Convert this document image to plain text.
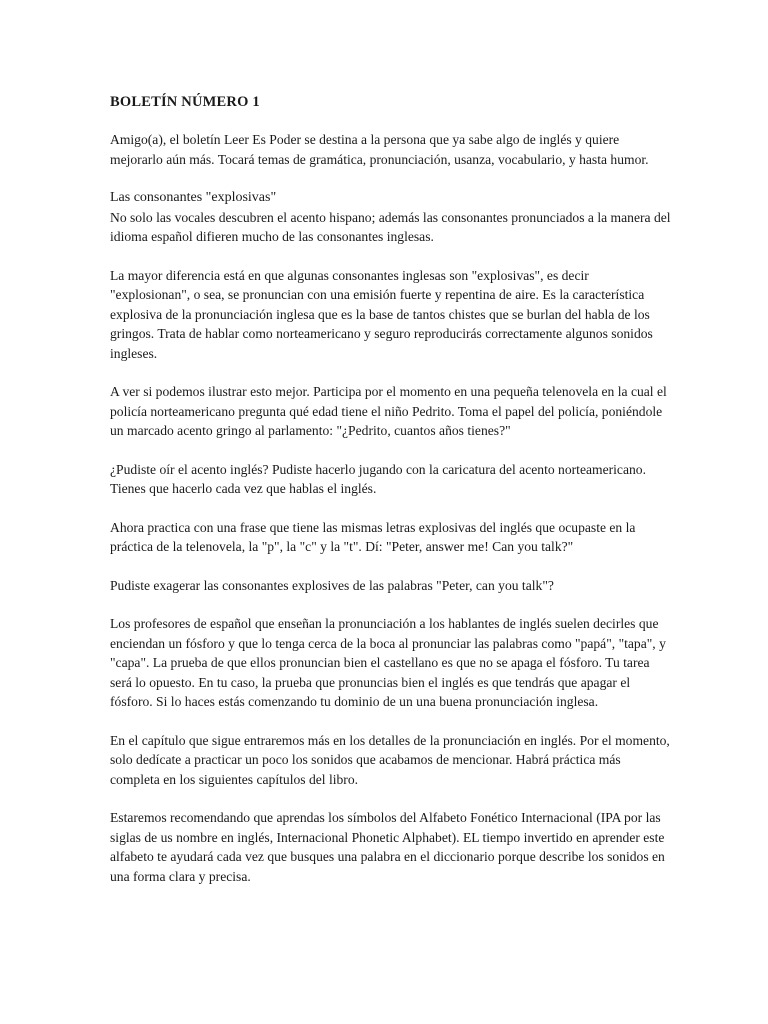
BOLETÍN NÚMERO 1

Amigo(a), el boletín Leer Es Poder se destina a la persona que ya sabe algo de inglés y quiere mejorarlo aún más. Tocará temas de gramática, pronunciación, usanza, vocabulario, y hasta humor.

Las consonantes "explosivas"
No solo las vocales descubren el acento hispano; además las consonantes pronunciados a la manera del idioma español difieren mucho de las consonantes inglesas.

La mayor diferencia está en que algunas consonantes inglesas son "explosivas", es decir "explosionan", o sea, se pronuncian con una emisión fuerte y repentina de aire. Es la característica explosiva de la pronunciación inglesa que es la base de tantos chistes que se burlan del habla de los gringos. Trata de hablar como norteamericano y seguro reproducirás correctamente algunos sonidos ingleses.

A ver si podemos ilustrar esto mejor. Participa por el momento en una pequeña telenovela en la cual el policía norteamericano pregunta qué edad tiene el niño Pedrito. Toma el papel del policía, poniéndole un marcado acento gringo al parlamento: "¿Pedrito, cuantos años tienes?"

¿Pudiste oír el acento inglés? Pudiste hacerlo jugando con la caricatura del acento norteamericano. Tienes que hacerlo cada vez que hablas el inglés.

Ahora practica con una frase que tiene las mismas letras explosivas del inglés que ocupaste en la práctica de la telenovela, la "p", la "c" y la "t". Dí: "Peter, answer me! Can you talk?"

Pudiste exagerar las consonantes explosives de las palabras "Peter, can you talk"?

Los profesores de español que enseñan la pronunciación a los hablantes de inglés suelen decirles que enciendan un fósforo y que lo tenga cerca de la boca al pronunciar las palabras como "papá", "tapa", y "capa". La prueba de que ellos pronuncian bien el castellano es que no se apaga el fósforo. Tu tarea será lo opuesto. En tu caso, la prueba que pronuncias bien el inglés es que tendrás que apagar el fósforo. Si lo haces estás comenzando tu dominio de un una buena pronunciación inglesa.

En el capítulo que sigue entraremos más en los detalles de la pronunciación en inglés. Por el momento, solo dedícate a practicar un poco los sonidos que acabamos de mencionar. Habrá práctica más completa en los siguientes capítulos del libro.

Estaremos recomendando que aprendas los símbolos del Alfabeto Fonético Internacional (IPA por las siglas de us nombre en inglés, Internacional Phonetic Alphabet). EL tiempo invertido en aprender este alfabeto te ayudará cada vez que busques una palabra en el diccionario porque describe los sonidos en una forma clara y precisa.
